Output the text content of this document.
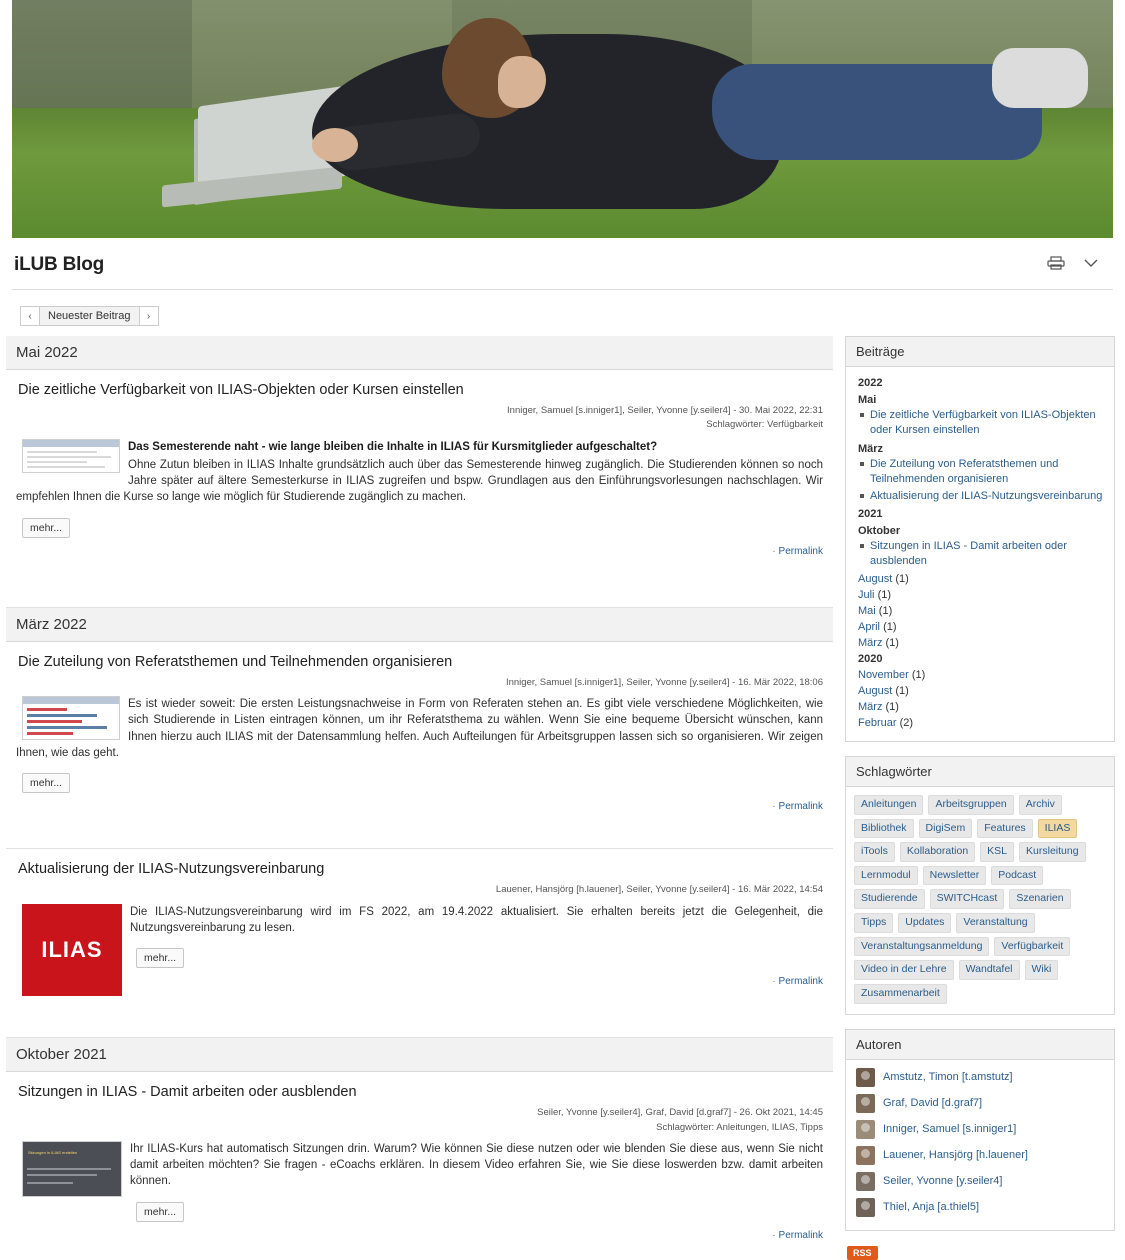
iLUB Blog
‹	Neuester Beitrag	›
Mai 2022
Die zeitliche Verfügbarkeit von ILIAS-Objekten oder Kursen einstellen
Inniger, Samuel [s.inniger1], Seiler, Yvonne [y.seiler4] - 30. Mai 2022, 22:31
Schlagwörter: Verfügbarkeit

Das Semesterende naht - wie lange bleiben die Inhalte in ILIAS für Kursmitglieder aufgeschaltet?

Ohne Zutun bleiben in ILIAS Inhalte grundsätzlich auch über das Semesterende hinweg zugänglich. Die Studierenden können so noch Jahre später auf ältere Semesterkurse in ILIAS zugreifen und bspw. Grundlagen aus den Einführungsvorlesungen nachschlagen. Wir empfehlen Ihnen die Kurse so lange wie möglich für Studierende zugänglich zu machen.

mehr...
· Permalink
März 2022
Die Zuteilung von Referatsthemen und Teilnehmenden organisieren
Inniger, Samuel [s.inniger1], Seiler, Yvonne [y.seiler4] - 16. Mär 2022, 18:06

Es ist wieder soweit: Die ersten Leistungsnachweise in Form von Referaten stehen an. Es gibt viele verschiedene Möglichkeiten, wie sich Studierende in Listen eintragen können, um ihr Referatsthema zu wählen. Wenn Sie eine bequeme Übersicht wünschen, kann Ihnen hierzu auch ILIAS mit der Datensammlung helfen. Auch Aufteilungen für Arbeitsgruppen lassen sich so organisieren. Wir zeigen Ihnen, wie das geht.

mehr...
· Permalink
Aktualisierung der ILIAS-Nutzungsvereinbarung
Lauener, Hansjörg [h.lauener], Seiler, Yvonne [y.seiler4] - 16. Mär 2022, 14:54
ILIAS

Die ILIAS-Nutzungsvereinbarung wird im FS 2022, am 19.4.2022 aktualisiert. Sie erhalten bereits jetzt die Gelegenheit, die Nutzungsvereinbarung zu lesen.

mehr...
· Permalink
Oktober 2021
Sitzungen in ILIAS - Damit arbeiten oder ausblenden
Seiler, Yvonne [y.seiler4], Graf, David [d.graf7] - 26. Okt 2021, 14:45
Schlagwörter: Anleitungen, ILIAS, Tipps
Sitzungen in ILIAS erstellen	Ihr ILIAS-Kurs hat automatisch Sitzungen drin. Warum? Wie können Sie diese nutzen oder wie blenden Sie diese aus, wenn Sie nicht damit arbeiten möchten? Sie fragen - eCoachs erklären. In diesem Video erfahren Sie, wie Sie diese loswerden bzw. damit arbeiten können.

mehr...
· Permalink
Beiträge
2022
Mai
Die zeitliche Verfügbarkeit von ILIAS-Objekten oder Kursen einstellen
März
Die Zuteilung von Referatsthemen und Teilnehmenden organisieren
Aktualisierung der ILIAS-Nutzungsvereinbarung
2021
Oktober
Sitzungen in ILIAS - Damit arbeiten oder ausblenden
August (1)
Juli (1)
Mai (1)
April (1)
März (1)
2020
November (1)
August (1)
März (1)
Februar (2)
Schlagwörter
Anleitungen	Arbeitsgruppen	Archiv
Bibliothek	DigiSem	Features	ILIAS
iTools	Kollaboration	KSL	Kursleitung
Lernmodul	Newsletter	Podcast
Studierende	SWITCHcast	Szenarien
Tipps	Updates	Veranstaltung
Veranstaltungsanmeldung	Verfügbarkeit
Video in der Lehre	Wandtafel	Wiki
Zusammenarbeit
Autoren
Amstutz, Timon [t.amstutz]
Graf, David [d.graf7]
Inniger, Samuel [s.inniger1]
Lauener, Hansjörg [h.lauener]
Seiler, Yvonne [y.seiler4]
Thiel, Anja [a.thiel5]
RSS
